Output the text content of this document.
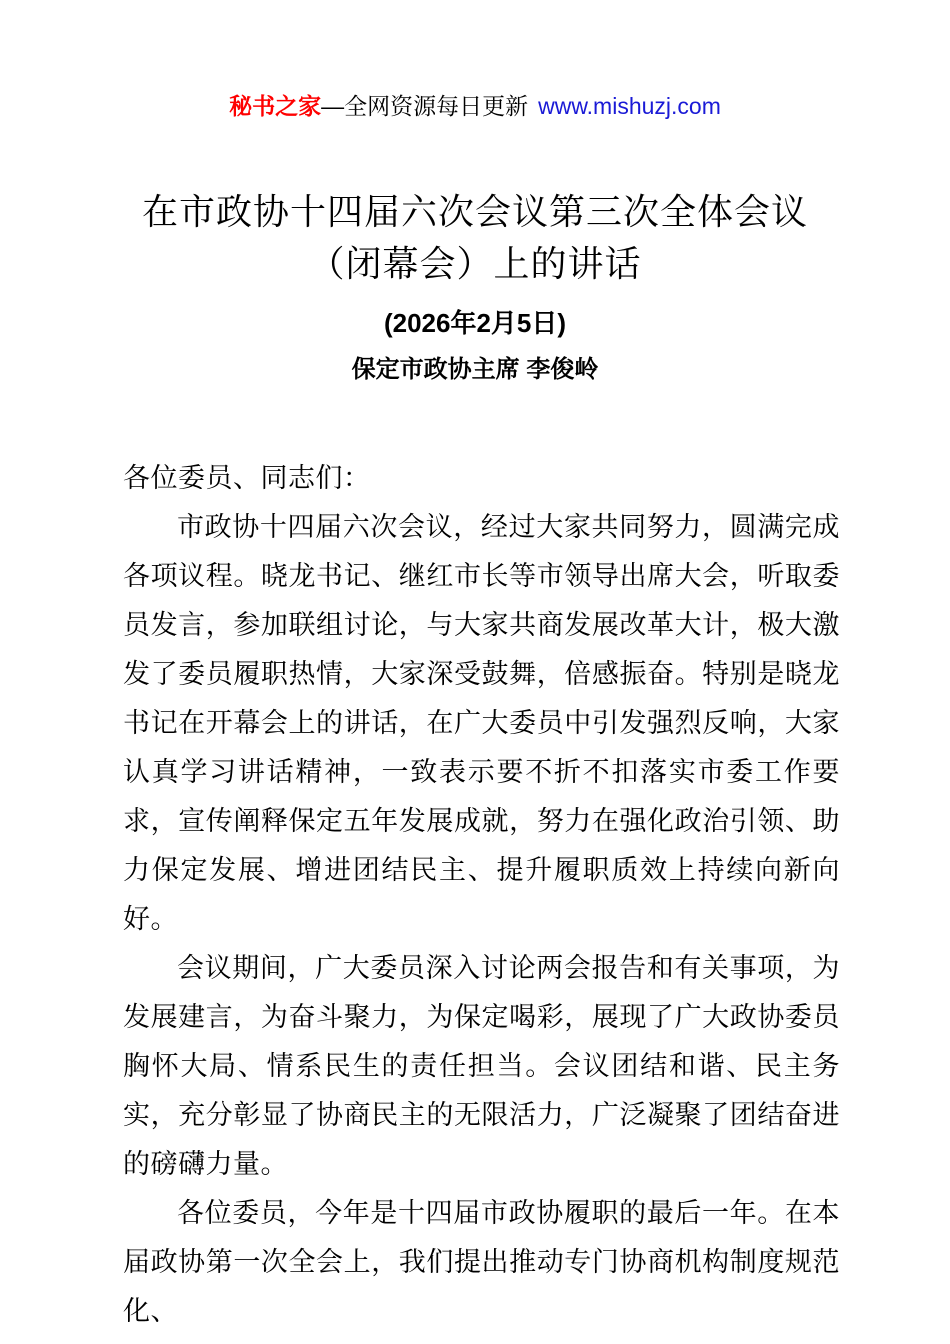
秘书之家—全网资源每日更新 www.mishuzj.com
在市政协十四届六次会议第三次全体会议
（闭幕会）上的讲话
(2026年2月5日)
保定市政协主席 李俊岭

各位委员、同志们：

市政协十四届六次会议，经过大家共同努力，圆满完成各项议程。晓龙书记、继红市长等市领导出席大会，听取委员发言，参加联组讨论，与大家共商发展改革大计，极大激发了委员履职热情，大家深受鼓舞，倍感振奋。特别是晓龙书记在开幕会上的讲话，在广大委员中引发强烈反响，大家认真学习讲话精神，一致表示要不折不扣落实市委工作要求，宣传阐释保定五年发展成就，努力在强化政治引领、助力保定发展、增进团结民主、提升履职质效上持续向新向好。

会议期间，广大委员深入讨论两会报告和有关事项，为发展建言，为奋斗聚力，为保定喝彩，展现了广大政协委员胸怀大局、情系民生的责任担当。会议团结和谐、民主务实，充分彰显了协商民主的无限活力，广泛凝聚了团结奋进的磅礴力量。

各位委员，今年是十四届市政协履职的最后一年。在本届政协第一次全会上，我们提出推动专门协商机构制度规范化、
